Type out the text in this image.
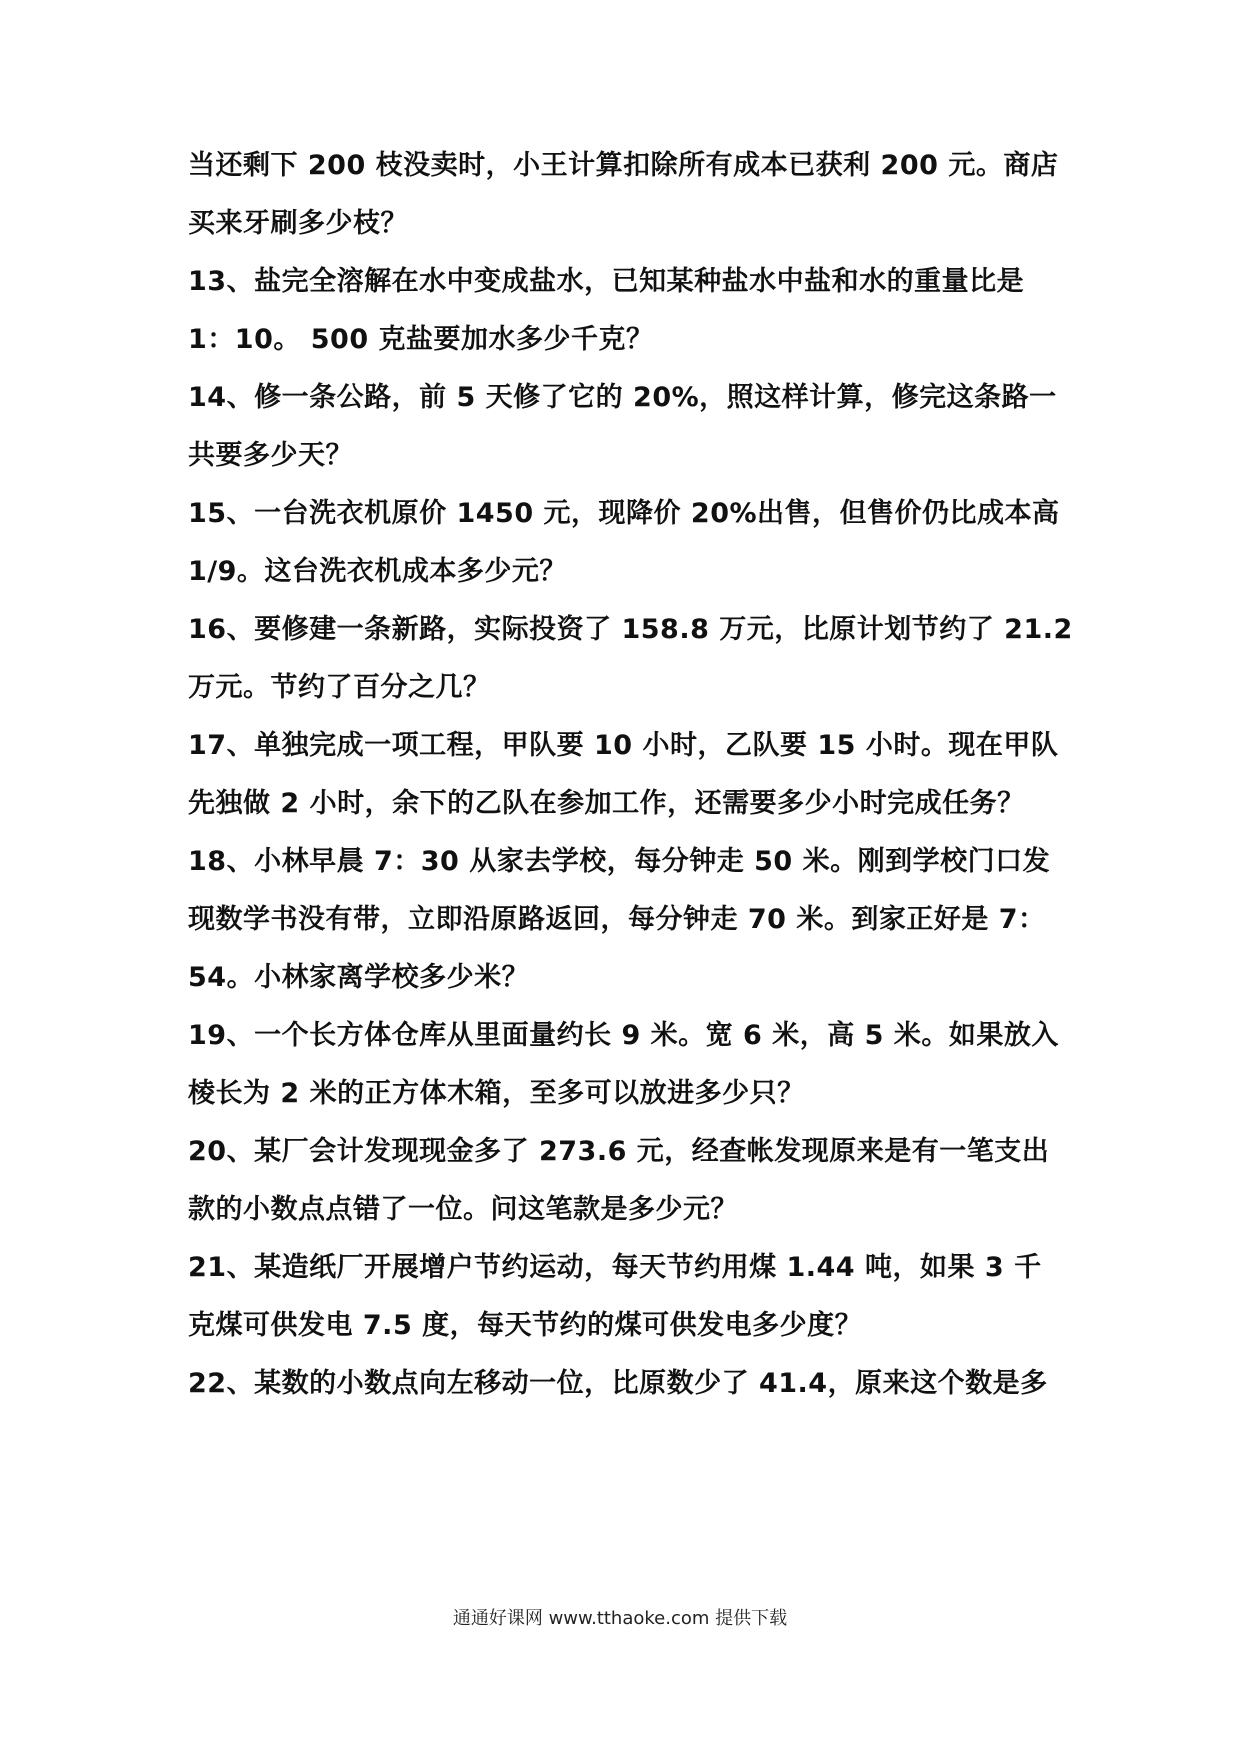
当还剩下 200 枝没卖时，小王计算扣除所有成本已获利 200 元。商店
买来牙刷多少枝？
13、盐完全溶解在水中变成盐水，已知某种盐水中盐和水的重量比是
1：10。 500 克盐要加水多少千克？
14、修一条公路，前 5 天修了它的 20%，照这样计算，修完这条路一
共要多少天？
15、一台洗衣机原价 1450 元，现降价 20%出售，但售价仍比成本高
1/9。这台洗衣机成本多少元？
16、要修建一条新路，实际投资了 158.8 万元，比原计划节约了 21.2
万元。节约了百分之几？
17、单独完成一项工程，甲队要 10 小时，乙队要 15 小时。现在甲队
先独做 2 小时，余下的乙队在参加工作，还需要多少小时完成任务？
18、小林早晨 7：30 从家去学校，每分钟走 50 米。刚到学校门口发
现数学书没有带，立即沿原路返回，每分钟走 70 米。到家正好是 7：
54。小林家离学校多少米？
19、一个长方体仓库从里面量约长 9 米。宽 6 米，高 5 米。如果放入
棱长为 2 米的正方体木箱，至多可以放进多少只？
20、某厂会计发现现金多了 273.6 元，经查帐发现原来是有一笔支出
款的小数点点错了一位。问这笔款是多少元？
21、某造纸厂开展增户节约运动，每天节约用煤 1.44 吨，如果 3 千
克煤可供发电 7.5 度，每天节约的煤可供发电多少度？
22、某数的小数点向左移动一位，比原数少了 41.4，原来这个数是多
通通好课网 www.tthaoke.com 提供下载
